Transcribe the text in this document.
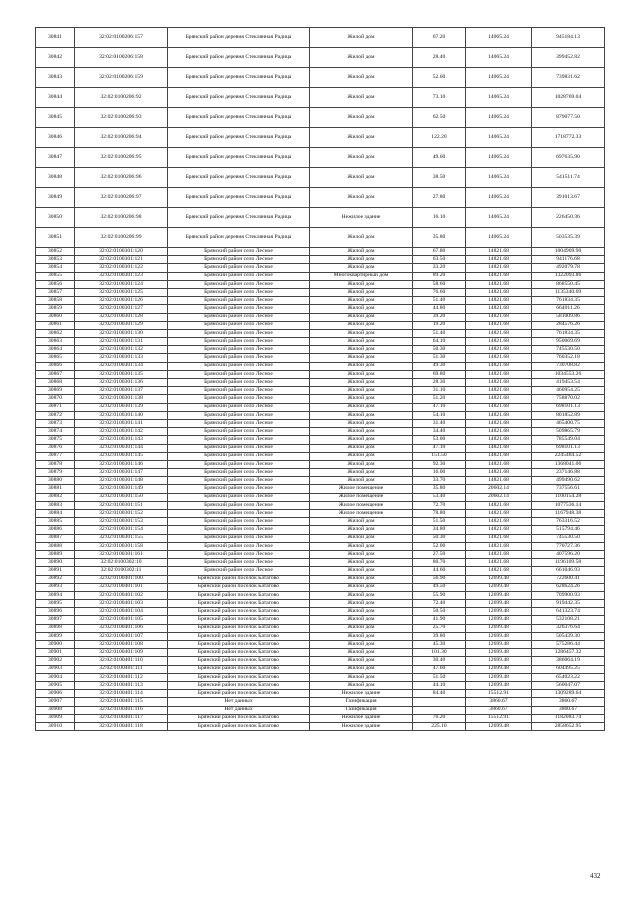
30841	32:02:0100206:157	Брянский район деревня Стеклянная Радица	Жилой дом	67.20	14065.24	945184.13
30842	32:02:0100206:158	Брянский район деревня Стеклянная Радица	Жилой дом	28.40	14065.24	399452.82
30843	32:02:0100206:159	Брянский район деревня Стеклянная Радица	Жилой дом	52.60	14065.24	739831.62
30844	32:02:0100206:92	Брянский район деревня Стеклянная Радица	Жилой дом	73.10	14065.24	1028769.04
30845	32:02:0100206:93	Брянский район деревня Стеклянная Радица	Жилой дом	62.50	14065.24	879077.50
30846	32:02:0100206:94	Брянский район деревня Стеклянная Радица	Жилой дом	122.20	14065.24	1718772.33
30847	32:02:0100206:95	Брянский район деревня Стеклянная Радица	Жилой дом	49.60	14065.24	697635.90
30848	32:02:0100206:96	Брянский район деревня Стеклянная Радица	Жилой дом	38.50	14065.24	541511.74
30849	32:02:0100206:97	Брянский район деревня Стеклянная Радица	Жилой дом	27.80	14065.24	391013.67
30850	32:02:0100206:98	Брянский район деревня Стеклянная Радица	Нежилое здание	16.10	14065.24	226450.36
30851	32:02:0100206:99	Брянский район деревня Стеклянная Радица	Жилой дом	35.80	14065.24	503535.39
30852	32:02:0100301:120	Брянский район село Лесное	Жилой дом	67.80	14821.68	1004909.90
30853	32:02:0100301:121	Брянский район село Лесное	Жилой дом	63.50	14821.68	941176.68
30854	32:02:0100301:122	Брянский район село Лесное	Жилой дом	33.20	14821.68	492079.78
30855	32:02:0100301:123	Брянский район село Лесное	Многоквартирный дом	89.20	14821.68	1322093.86
30856	32:02:0100301:124	Брянский район село Лесное	Жилой дом	58.60	14821.68	868550.45
30857	32:02:0100301:125	Брянский район село Лесное	Жилой дом	76.60	14821.68	1135340.69
30858	32:02:0100301:126	Брянский район село Лесное	Жилой дом	51.40	14821.68	761834.35
30859	32:02:0100301:127	Брянский район село Лесное	Жилой дом	44.80	14821.68	664011.26
30860	32:02:0100301:128	Брянский район село Лесное	Жилой дом	39.20	14821.68	581009.86
30861	32:02:0100301:129	Брянский район село Лесное	Жилой дом	19.20	14821.68	284576.26
30862	32:02:0100301:130	Брянский район село Лесное	Жилой дом	51.40	14821.68	761834.35
30863	32:02:0100301:131	Брянский район село Лесное	Жилой дом	64.10	14821.68	950069.69
30864	32:02:0100301:132	Брянский район село Лесное	Жилой дом	50.30	14821.68	745530.50
30865	32:02:0100301:133	Брянский район село Лесное	Жилой дом	51.30	14821.68	760352.18
30866	32:02:0100301:134	Брянский район село Лесное	Жилой дом	49.30	14821.68	730708.82
30867	32:02:0100301:135	Брянский район село Лесное	Жилой дом	69.80	14821.68	1034553.26
30868	32:02:0100301:136	Брянский район село Лесное	Жилой дом	28.30	14821.68	419453.54
30869	32:02:0100301:137	Брянский район село Лесное	Жилой дом	31.10	14821.68	460954.25
30870	32:02:0100301:138	Брянский район село Лесное	Жилой дом	51.20	14821.68	758870.02
30871	32:02:0100301:139	Брянский район село Лесное	Жилой дом	47.10	14821.68	698101.13
30872	32:02:0100301:140	Брянский район село Лесное	Жилой дом	54.10	14821.68	801852.89
30873	32:02:0100301:141	Брянский район село Лесное	Жилой дом	31.40	14821.68	465400.75
30874	32:02:0100301:142	Брянский район село Лесное	Жилой дом	34.40	14821.68	509865.79
30875	32:02:0100301:143	Брянский район село Лесное	Жилой дом	53.00	14821.68	785549.04
30876	32:02:0100301:144	Брянский район село Лесное	Жилой дом	47.10	14821.68	698101.13
30877	32:02:0100301:145	Брянский район село Лесное	Жилой дом	151.50	14821.68	2245484.52
30878	32:02:0100301:146	Брянский район село Лесное	Жилой дом	92.30	14821.68	1368041.06
30879	32:02:0100301:147	Брянский район село Лесное	Жилой дом	16.00	14821.68	237146.88
30880	32:02:0100301:148	Брянский район село Лесное	Жилой дом	33.70	14821.68	499490.62
30881	32:02:0100301:149	Брянский район село Лесное	Жилое помещение	35.80	20602.14	737556.61
30882	32:02:0100301:150	Брянский район село Лесное	Жилое помещение	53.40	20602.14	1100154.28
30883	32:02:0100301:151	Брянский район село Лесное	Жилое помещение	72.70	14821.68	1077536.14
30884	32:02:0100301:152	Брянский район село Лесное	Жилое помещение	78.80	14821.68	1167948.38
30885	32:02:0100301:153	Брянский район село Лесное	Жилой дом	51.50	14821.68	763316.52
30886	32:02:0100301:154	Брянский район село Лесное	Жилой дом	34.80	14821.68	515794.46
30887	32:02:0100301:155	Брянский район село Лесное	Жилой дом	50.30	14821.68	745530.50
30888	32:02:0100301:158	Брянский район село Лесное	Жилой дом	52.00	14821.68	770727.36
30889	32:02:0100301:161	Брянский район село Лесное	Жилой дом	27.50	14821.68	407596.20
30890	32:02:0100302:10	Брянский район село Лесное	Жилой дом	80.70	14821.68	1196109.58
30891	32:02:0100302:11	Брянский район село Лесное	Жилой дом	44.60	14821.68	661046.93
30892	32:02:0100401:100	Брянский район поселок Батагово	Жилой дом	56.90	12699.48	722600.41
30893	32:02:0100401:101	Брянский район поселок Батагово	Жилой дом	49.50	12699.48	628624.26
30894	32:02:0100401:102	Брянский район поселок Батагово	Жилой дом	55.90	12699.48	709900.93
30895	32:02:0100401:103	Брянский район поселок Батагово	Жилой дом	72.40	12699.48	919442.35
30896	32:02:0100401:104	Брянский район поселок Батагово	Жилой дом	50.50	12699.48	641323.74
30897	32:02:0100401:105	Брянский район поселок Батагово	Жилой дом	41.90	12699.48	532108.21
30898	32:02:0100401:106	Брянский район поселок Батагово	Жилой дом	25.70	12699.48	326376.64
30899	32:02:0100401:107	Брянский район поселок Батагово	Жилой дом	39.80	12699.48	505439.30
30900	32:02:0100401:108	Брянский район поселок Батагово	Жилой дом	45.30	12699.48	575286.44
30901	32:02:0100401:109	Брянский район поселок Батагово	Жилой дом	101.30	12699.48	1286457.32
30902	32:02:0100401:110	Брянский район поселок Батагово	Жилой дом	30.40	12699.48	386064.19
30903	32:02:0100401:111	Брянский район поселок Батагово	Жилой дом	47.60	12699.48	604495.25
30904	32:02:0100401:112	Брянский район поселок Батагово	Жилой дом	51.50	12699.48	654023.22
30905	32:02:0100401:113	Брянский район поселок Батагово	Жилой дом	44.10	12699.48	560047.07
30906	32:02:0100401:114	Брянский район поселок Батагово	Нежилое здание	84.40	15512.91	1309289.64
30907	32:02:0100401:115	Нет данных	Газификация		3860.67	3860.67
30908	32:02:0100401:116	Нет данных	Газификация		3860.67	3860.67
30909	32:02:0100401:117	Брянский район поселок Батагово	Нежилое здание	76.20	15512.91	1182083.74
30910	32:02:0100401:118	Брянский район поселок Батагово	Нежилое здание	225.10	12699.48	2858652.95
432
